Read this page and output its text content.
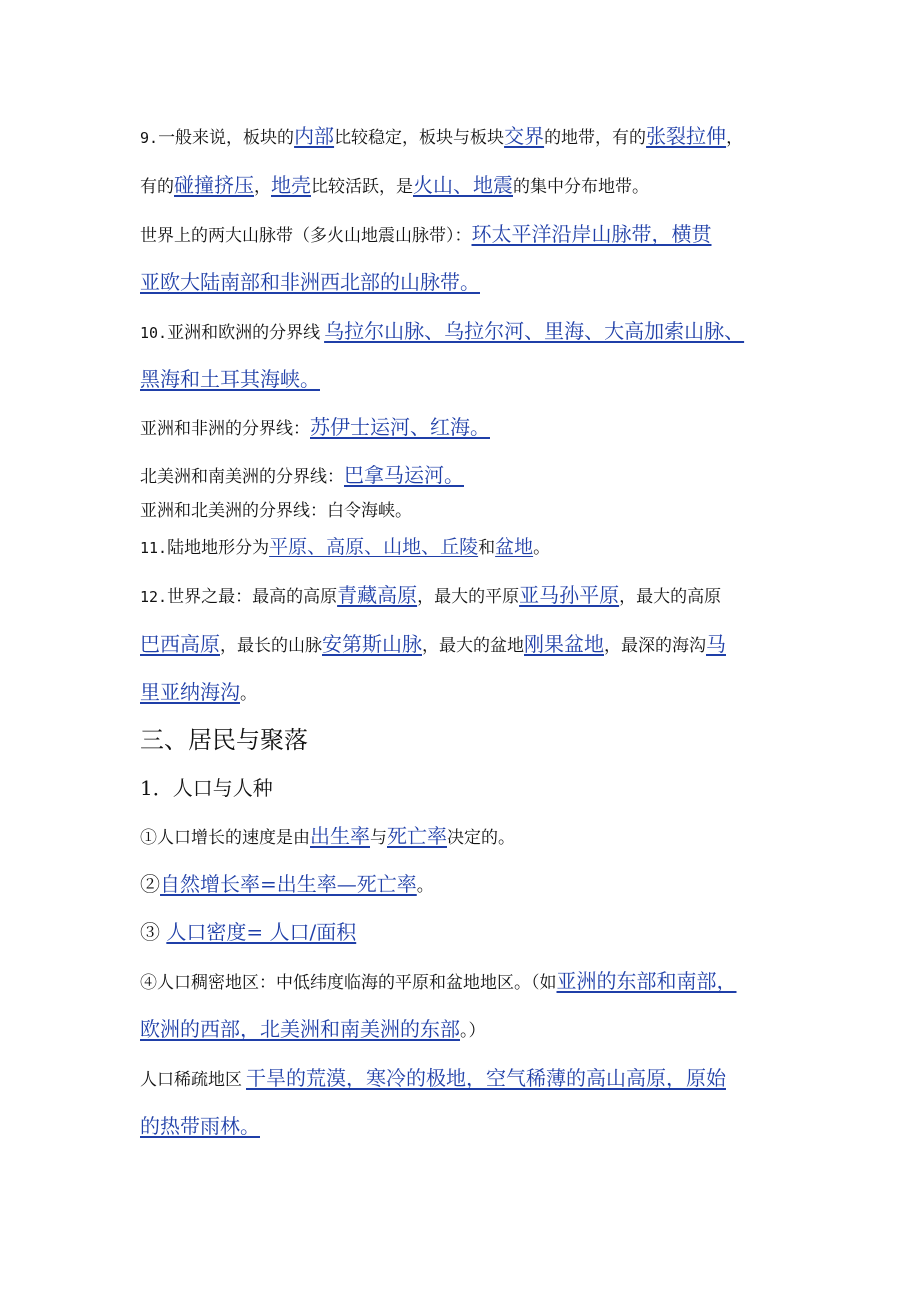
9.一般来说，板块的内部比较稳定，板块与板块交界的地带，有的张裂拉伸，
有的碰撞挤压，地壳比较活跃，是火山、地震的集中分布地带。
世界上的两大山脉带（多火山地震山脉带）：环太平洋沿岸山脉带，横贯
亚欧大陆南部和非洲西北部的山脉带。
10.亚洲和欧洲的分界线 乌拉尔山脉、乌拉尔河、里海、大高加索山脉、
黑海和土耳其海峡。
亚洲和非洲的分界线：苏伊士运河、红海。
北美洲和南美洲的分界线：巴拿马运河。
亚洲和北美洲的分界线：白令海峡。
11.陆地地形分为平原、高原、山地、丘陵和盆地。
12.世界之最：最高的高原青藏高原，最大的平原亚马孙平原，最大的高原
巴西高原，最长的山脉安第斯山脉，最大的盆地刚果盆地，最深的海沟马
里亚纳海沟。
三、居民与聚落
1．人口与人种
①人口增长的速度是由出生率与死亡率决定的。
②自然增长率=出生率—死亡率。
③ 人口密度= 人口/面积
④人口稠密地区：中低纬度临海的平原和盆地地区。（如亚洲的东部和南部，
欧洲的西部，北美洲和南美洲的东部。）
人口稀疏地区 干旱的荒漠，寒冷的极地，空气稀薄的高山高原，原始
的热带雨林。
